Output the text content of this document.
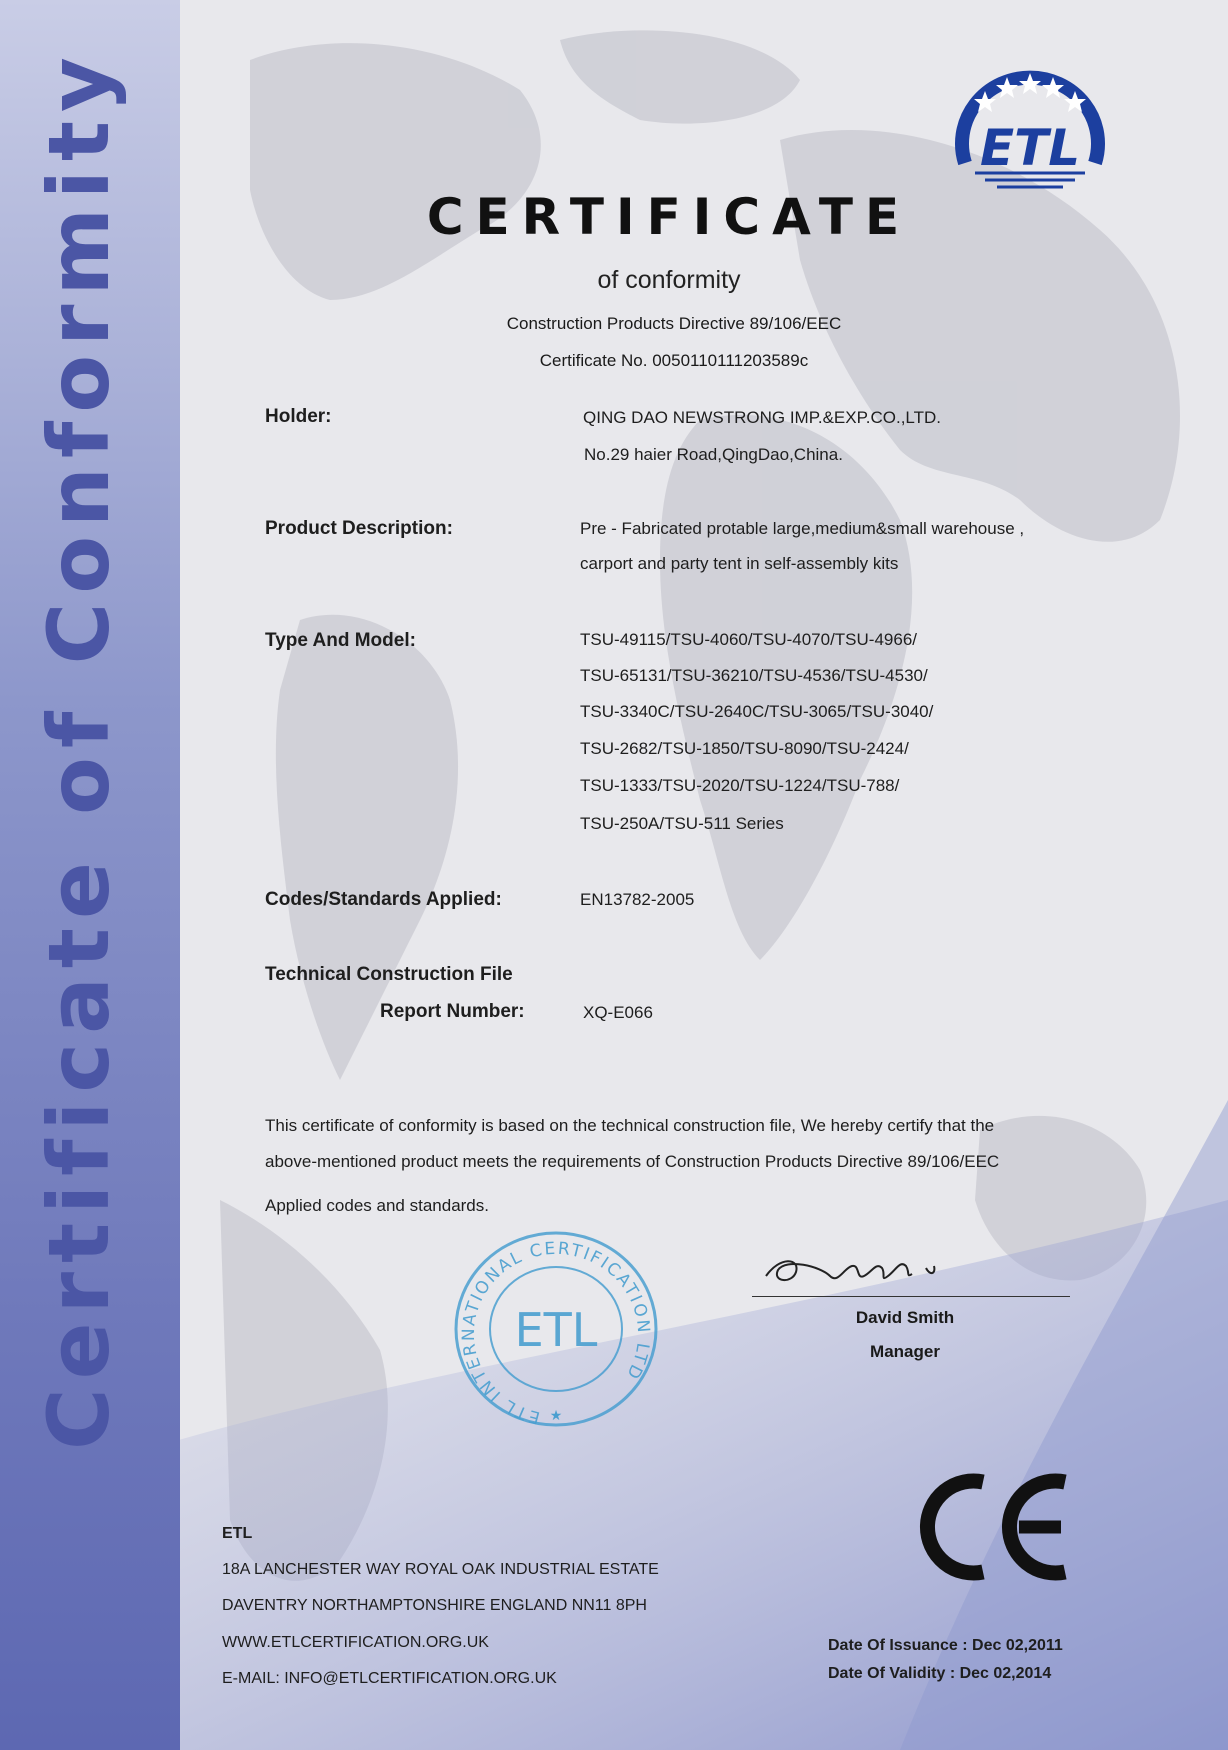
Certificate of Conformity	ETL
CERTIFICATE
of conformity
Construction Products Directive 89/106/EEC
Certificate No. 0050110111203589c
Holder:	QING DAO NEWSTRONG IMP.&EXP.CO.,LTD.
No.29 haier Road,QingDao,China.
Product Description:	Pre - Fabricated protable large,medium&small warehouse ,
carport and party tent in self-assembly kits
Type And Model:	TSU-49115/TSU-4060/TSU-4070/TSU-4966/
TSU-65131/TSU-36210/TSU-4536/TSU-4530/
TSU-3340C/TSU-2640C/TSU-3065/TSU-3040/
TSU-2682/TSU-1850/TSU-8090/TSU-2424/
TSU-1333/TSU-2020/TSU-1224/TSU-788/
TSU-250A/TSU-511 Series
Codes/Standards Applied:	EN13782-2005
Technical Construction File
Report Number:	XQ-E066
This certificate of conformity is based on the technical construction file, We hereby certify that the
above-mentioned product meets the requirements of Construction Products Directive 89/106/EEC
Applied codes and standards.
ETL INTERNATIONAL CERTIFICATION LTD
ETL
★
David Smith
Manager
ETL
18A LANCHESTER WAY ROYAL OAK INDUSTRIAL ESTATE
DAVENTRY NORTHAMPTONSHIRE ENGLAND NN11 8PH
WWW.ETLCERTIFICATION.ORG.UK
E-MAIL: INFO@ETLCERTIFICATION.ORG.UK
Date Of Issuance : Dec 02,2011
Date Of Validity : Dec 02,2014
